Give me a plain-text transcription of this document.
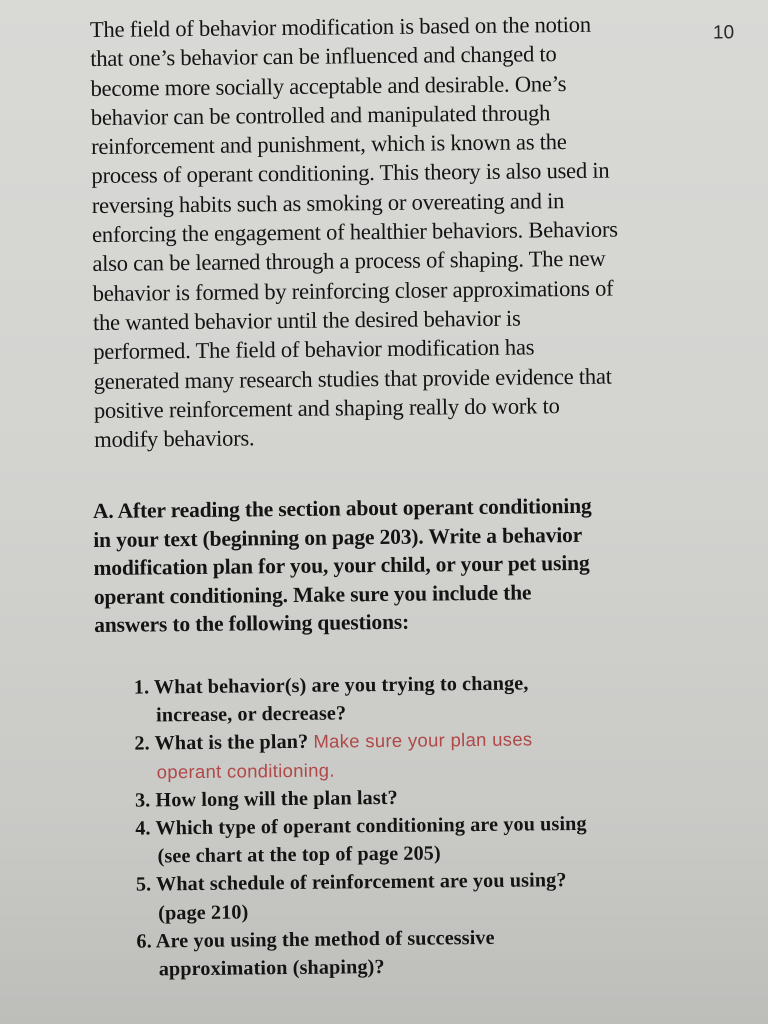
10

The field of behavior modification is based on the notion
that one’s behavior can be influenced and changed to
become more socially acceptable and desirable. One’s
behavior can be controlled and manipulated through
reinforcement and punishment, which is known as the
process of operant conditioning. This theory is also used in
reversing habits such as smoking or overeating and in
enforcing the engagement of healthier behaviors. Behaviors
also can be learned through a process of shaping. The new
behavior is formed by reinforcing closer approximations of
the wanted behavior until the desired behavior is
performed. The field of behavior modification has
generated many research studies that provide evidence that
positive reinforcement and shaping really do work to
modify behaviors.

A. After reading the section about operant conditioning
in your text (beginning on page 203). Write a behavior
modification plan for you, your child, or your pet using
operant conditioning. Make sure you include the
answers to the following questions:

1. What behavior(s) are you trying to change,
increase, or decrease?
2. What is the plan? Make sure your plan uses
operant conditioning.
3. How long will the plan last?
4. Which type of operant conditioning are you using
(see chart at the top of page 205)
5. What schedule of reinforcement are you using?
(page 210)
6. Are you using the method of successive
approximation (shaping)?
